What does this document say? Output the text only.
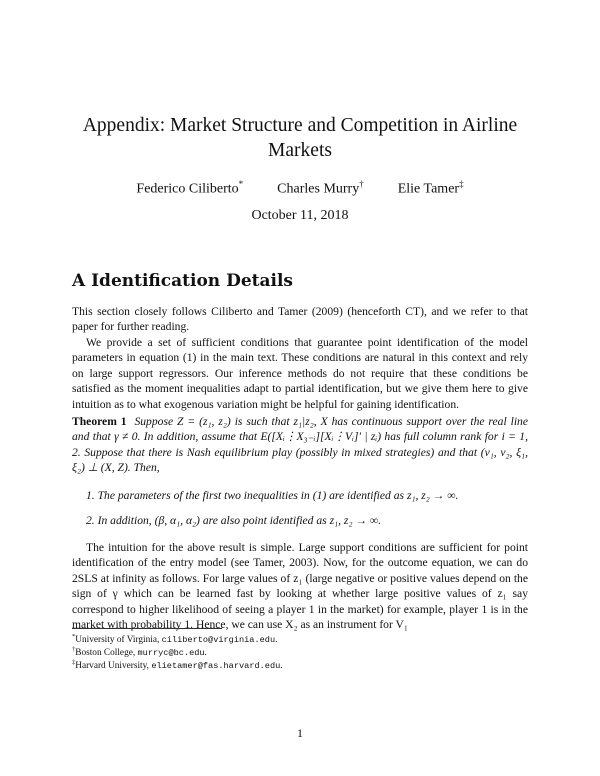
Appendix: Market Structure and Competition in Airline Markets
Federico Ciliberto* Charles Murry† Elie Tamer‡
October 11, 2018
A Identification Details
This section closely follows Ciliberto and Tamer (2009) (henceforth CT), and we refer to that paper for further reading.
We provide a set of sufficient conditions that guarantee point identification of the model parameters in equation (1) in the main text. These conditions are natural in this context and rely on large support regressors. Our inference methods do not require that these conditions be satisfied as the moment inequalities adapt to partial identification, but we give them here to give intuition as to what exogenous variation might be helpful for gaining identification.
Theorem 1 Suppose Z = (z₁, z₂) is such that z₁|z₂, X has continuous support over the real line and that γ ≠ 0. In addition, assume that E([Xᵢ⋮X₃₋ᵢ][Xᵢ⋮Vᵢ]′ | zᵢ) has full column rank for i = 1, 2. Suppose that there is Nash equilibrium play (possibly in mixed strategies) and that (ν₁, ν₂, ξ₁, ξ₂) ⊥ (X, Z). Then,
1. The parameters of the first two inequalities in (1) are identified as z₁, z₂ → ∞.
2. In addition, (β, α₁, α₂) are also point identified as z₁, z₂ → ∞.
The intuition for the above result is simple. Large support conditions are sufficient for point identification of the entry model (see Tamer, 2003). Now, for the outcome equation, we can do 2SLS at infinity as follows. For large values of z₁ (large negative or positive values depend on the sign of γ which can be learned fast by looking at whether large positive values of z₁ say correspond to higher likelihood of seeing a player 1 in the market) for example, player 1 is in the market with probability 1. Hence, we can use X₂ as an instrument for V₁
*University of Virginia, ciliberto@virginia.edu.
†Boston College, murryc@bc.edu.
‡Harvard University, elietamer@fas.harvard.edu.
1
